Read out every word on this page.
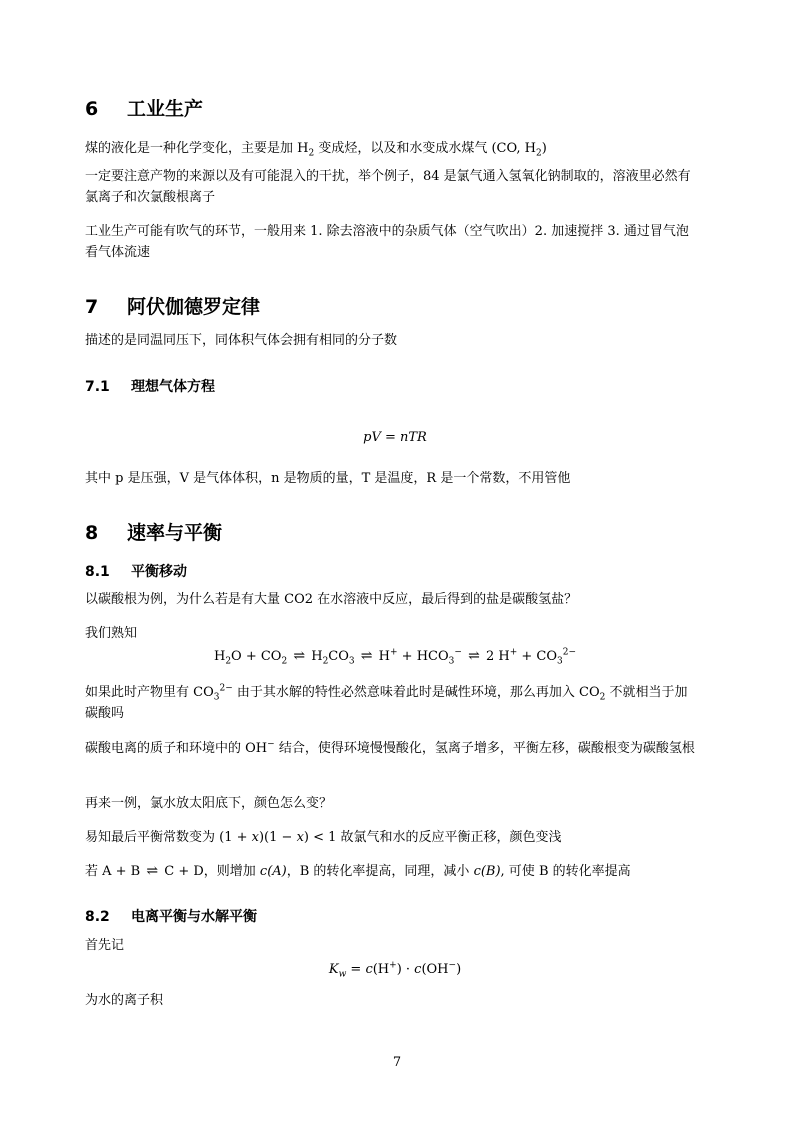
6 工业生产

煤的液化是一种化学变化，主要是加 $H_2$ 变成烃，以及和水变成水煤气 (CO, $H_2$)

一定要注意产物的来源以及有可能混入的干扰，举个例子，84 是氯气通入氢氧化钠制取的，溶液里必然有氯离子和次氯酸根离子

工业生产可能有吹气的环节，一般用来 1. 除去溶液中的杂质气体（空气吹出）2. 加速搅拌 3. 通过冒气泡看气体流速

7 阿伏伽德罗定律

描述的是同温同压下，同体积气体会拥有相同的分子数

7.1 理想气体方程
pV = nTR

其中 p 是压强，V 是气体体积，n 是物质的量，T 是温度，R 是一个常数，不用管他

8 速率与平衡
8.1 平衡移动

以碳酸根为例，为什么若是有大量 CO2 在水溶液中反应，最后得到的盐是碳酸氢盐？

我们熟知

$H_2O + CO_2$ ⇌ $H_2CO_3$ ⇌ $H^+ + HCO_3^-$ ⇌ 2 $H^+ + CO_3^{2-}$

如果此时产物里有 $CO_3^{2-}$ 由于其水解的特性必然意味着此时是碱性环境，那么再加入 $CO_2$ 不就相当于加碳酸吗

碳酸电离的质子和环境中的 OH− 结合，使得环境慢慢酸化，氢离子增多，平衡左移，碳酸根变为碳酸氢根

再来一例，氯水放太阳底下，颜色怎么变？

易知最后平衡常数变为 (1 + x)(1 − x) < 1 故氯气和水的反应平衡正移，颜色变浅

若 A + B ⇌ C + D，则增加 c(A)，B 的转化率提高，同理，减小 c(B), 可使 B 的转化率提高

8.2 电离平衡与水解平衡

首先记

$K_w = c(H^+) \cdot c(OH^-)$

为水的离子积

7
